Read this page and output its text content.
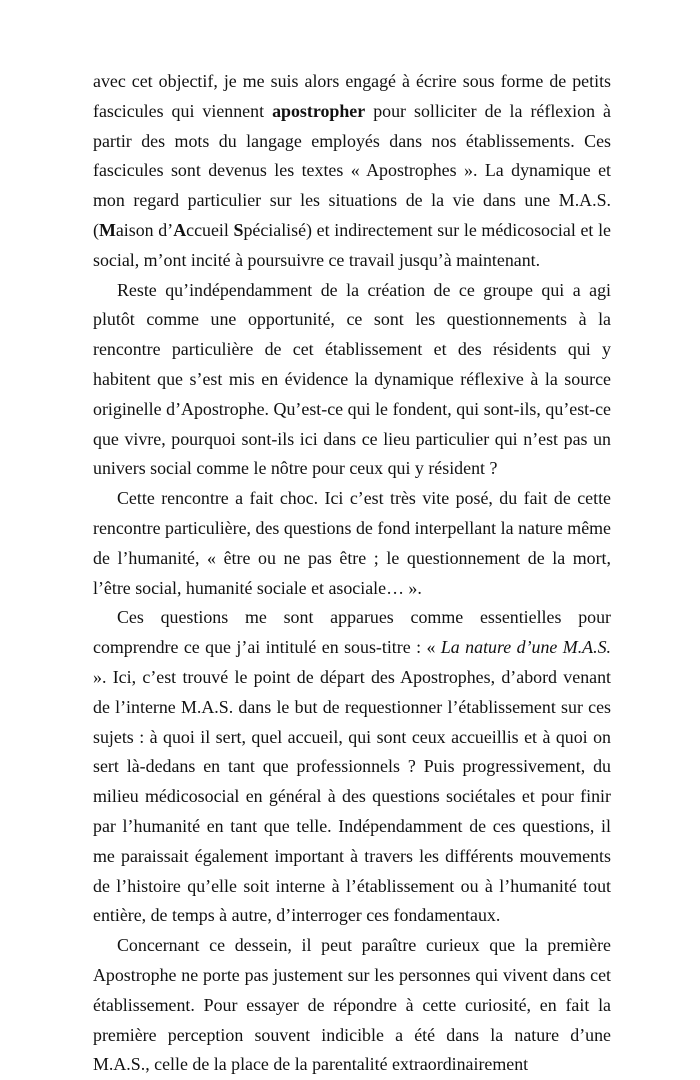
avec cet objectif, je me suis alors engagé à écrire sous forme de petits fascicules qui viennent apostropher pour solliciter de la réflexion à partir des mots du langage employés dans nos établissements. Ces fascicules sont devenus les textes « Apostrophes ». La dynamique et mon regard particulier sur les situations de la vie dans une M.A.S. (Maison d’Accueil Spécialisé) et indirectement sur le médicosocial et le social, m’ont incité à poursuivre ce travail jusqu’à maintenant.

Reste qu’indépendamment de la création de ce groupe qui a agi plutôt comme une opportunité, ce sont les questionnements à la rencontre particulière de cet établissement et des résidents qui y habitent que s’est mis en évidence la dynamique réflexive à la source originelle d’Apostrophe. Qu’est-ce qui le fondent, qui sont-ils, qu’est-ce que vivre, pourquoi sont-ils ici dans ce lieu particulier qui n’est pas un univers social comme le nôtre pour ceux qui y résident ?

Cette rencontre a fait choc. Ici c’est très vite posé, du fait de cette rencontre particulière, des questions de fond interpellant la nature même de l’humanité, « être ou ne pas être ; le questionnement de la mort, l’être social, humanité sociale et asociale… ».

Ces questions me sont apparues comme essentielles pour comprendre ce que j’ai intitulé en sous-titre : « La nature d’une M.A.S. ». Ici, c’est trouvé le point de départ des Apostrophes, d’abord venant de l’interne M.A.S. dans le but de requestionner l’établissement sur ces sujets : à quoi il sert, quel accueil, qui sont ceux accueillis et à quoi on sert là-dedans en tant que professionnels ? Puis progressivement, du milieu médicosocial en général à des questions sociétales et pour finir par l’humanité en tant que telle. Indépendamment de ces questions, il me paraissait également important à travers les différents mouvements de l’histoire qu’elle soit interne à l’établissement ou à l’humanité tout entière, de temps à autre, d’interroger ces fondamentaux.

Concernant ce dessein, il peut paraître curieux que la première Apostrophe ne porte pas justement sur les personnes qui vivent dans cet établissement. Pour essayer de répondre à cette curiosité, en fait la première perception souvent indicible a été dans la nature d’une M.A.S., celle de la place de la parentalité extraordinairement
